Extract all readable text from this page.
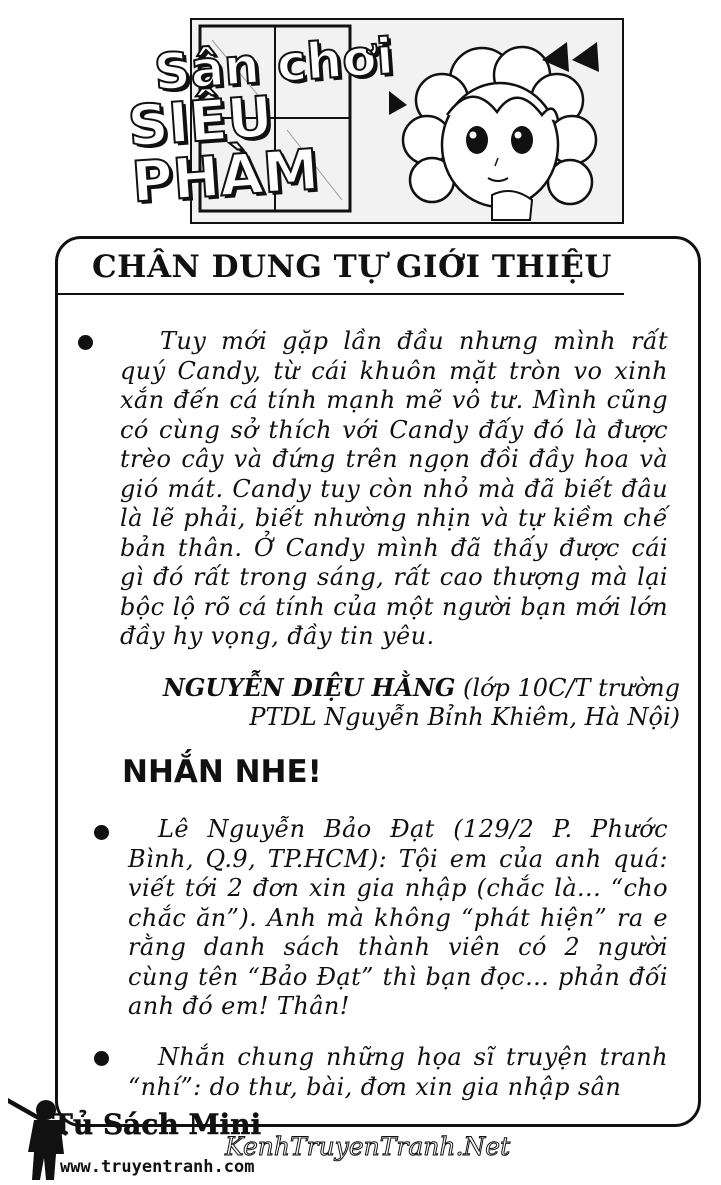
Sân chơi
SIÊU PHÀM
CHÂN DUNG TỰ GIỚI THIỆU

Tuy mới gặp lần đầu nhưng mình rất quý Candy, từ cái khuôn mặt tròn vo xinh xắn đến cá tính mạnh mẽ vô tư. Mình cũng có cùng sở thích với Candy đấy đó là được trèo cây và đứng trên ngọn đồi đầy hoa và gió mát. Candy tuy còn nhỏ mà đã biết đâu là lẽ phải, biết nhường nhịn và tự kiềm chế bản thân. Ở Candy mình đã thấy được cái gì đó rất trong sáng, rất cao thượng mà lại bộc lộ rõ cá tính của một người bạn mới lớn đầy hy vọng, đầy tin yêu.

NGUYỄN DIỆU HẰNG (lớp 10C/T trường PTDL Nguyễn Bỉnh Khiêm, Hà Nội)

NHẮN NHE!

Lê Nguyễn Bảo Đạt (129/2 P. Phước Bình, Q.9, TP.HCM): Tội em của anh quá: viết tới 2 đơn xin gia nhập (chắc là... “cho chắc ăn”). Anh mà không “phát hiện” ra e rằng danh sách thành viên có 2 người cùng tên “Bảo Đạt” thì bạn đọc... phản đối anh đó em! Thân!

Nhắn chung những họa sĩ truyện tranh “nhí”: do thư, bài, đơn xin gia nhập sân

Tủ Sách Mini
www.truyentranh.com
KenhTruyenTranh.Net
